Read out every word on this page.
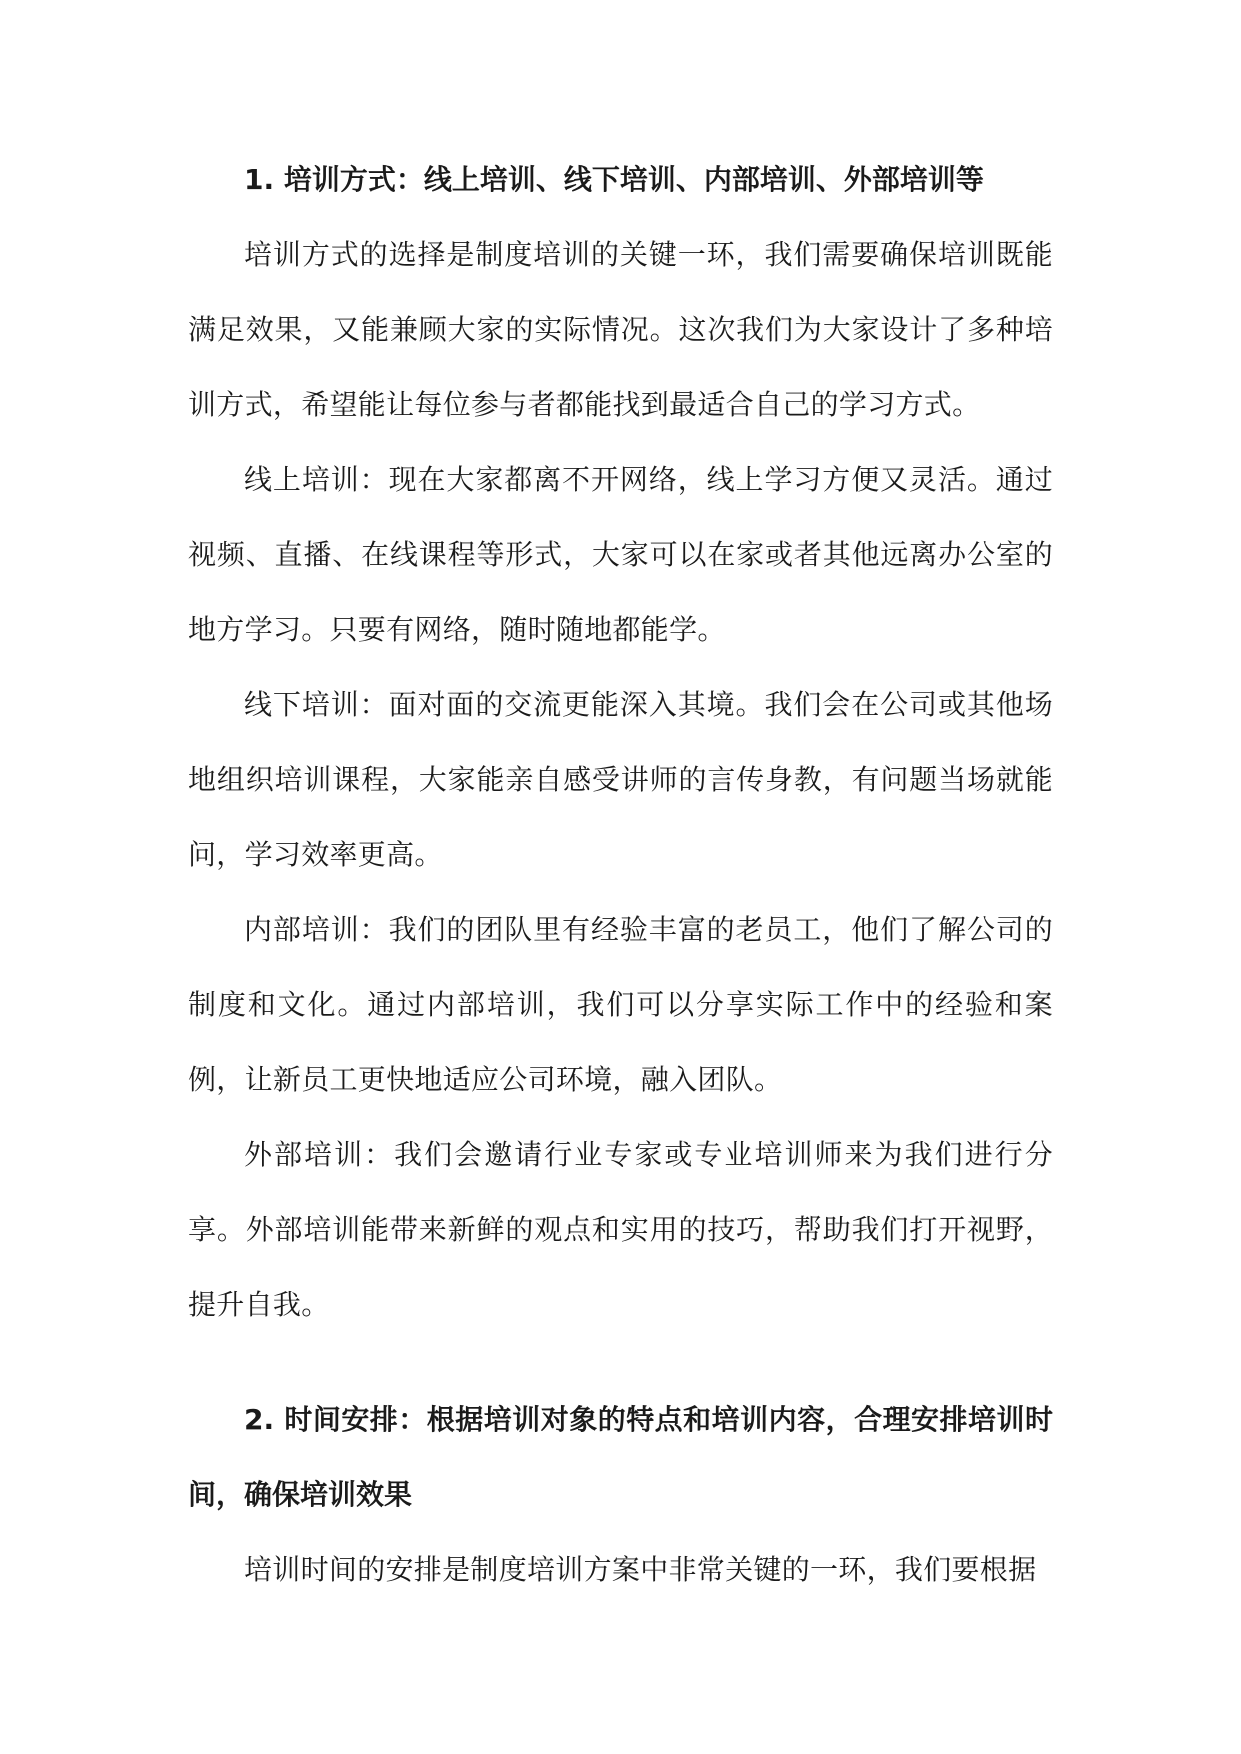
1. 培训方式：线上培训、线下培训、内部培训、外部培训等

培训方式的选择是制度培训的关键一环，我们需要确保培训既能满足效果，又能兼顾大家的实际情况。这次我们为大家设计了多种培训方式，希望能让每位参与者都能找到最适合自己的学习方式。

线上培训：现在大家都离不开网络，线上学习方便又灵活。通过视频、直播、在线课程等形式，大家可以在家或者其他远离办公室的地方学习。只要有网络，随时随地都能学。

线下培训：面对面的交流更能深入其境。我们会在公司或其他场地组织培训课程，大家能亲自感受讲师的言传身教，有问题当场就能问，学习效率更高。

内部培训：我们的团队里有经验丰富的老员工，他们了解公司的制度和文化。通过内部培训，我们可以分享实际工作中的经验和案例，让新员工更快地适应公司环境，融入团队。

外部培训：我们会邀请行业专家或专业培训师来为我们进行分享。外部培训能带来新鲜的观点和实用的技巧，帮助我们打开视野，提升自我。

2. 时间安排：根据培训对象的特点和培训内容，合理安排培训时间，确保培训效果

培训时间的安排是制度培训方案中非常关键的一环，我们要根据
